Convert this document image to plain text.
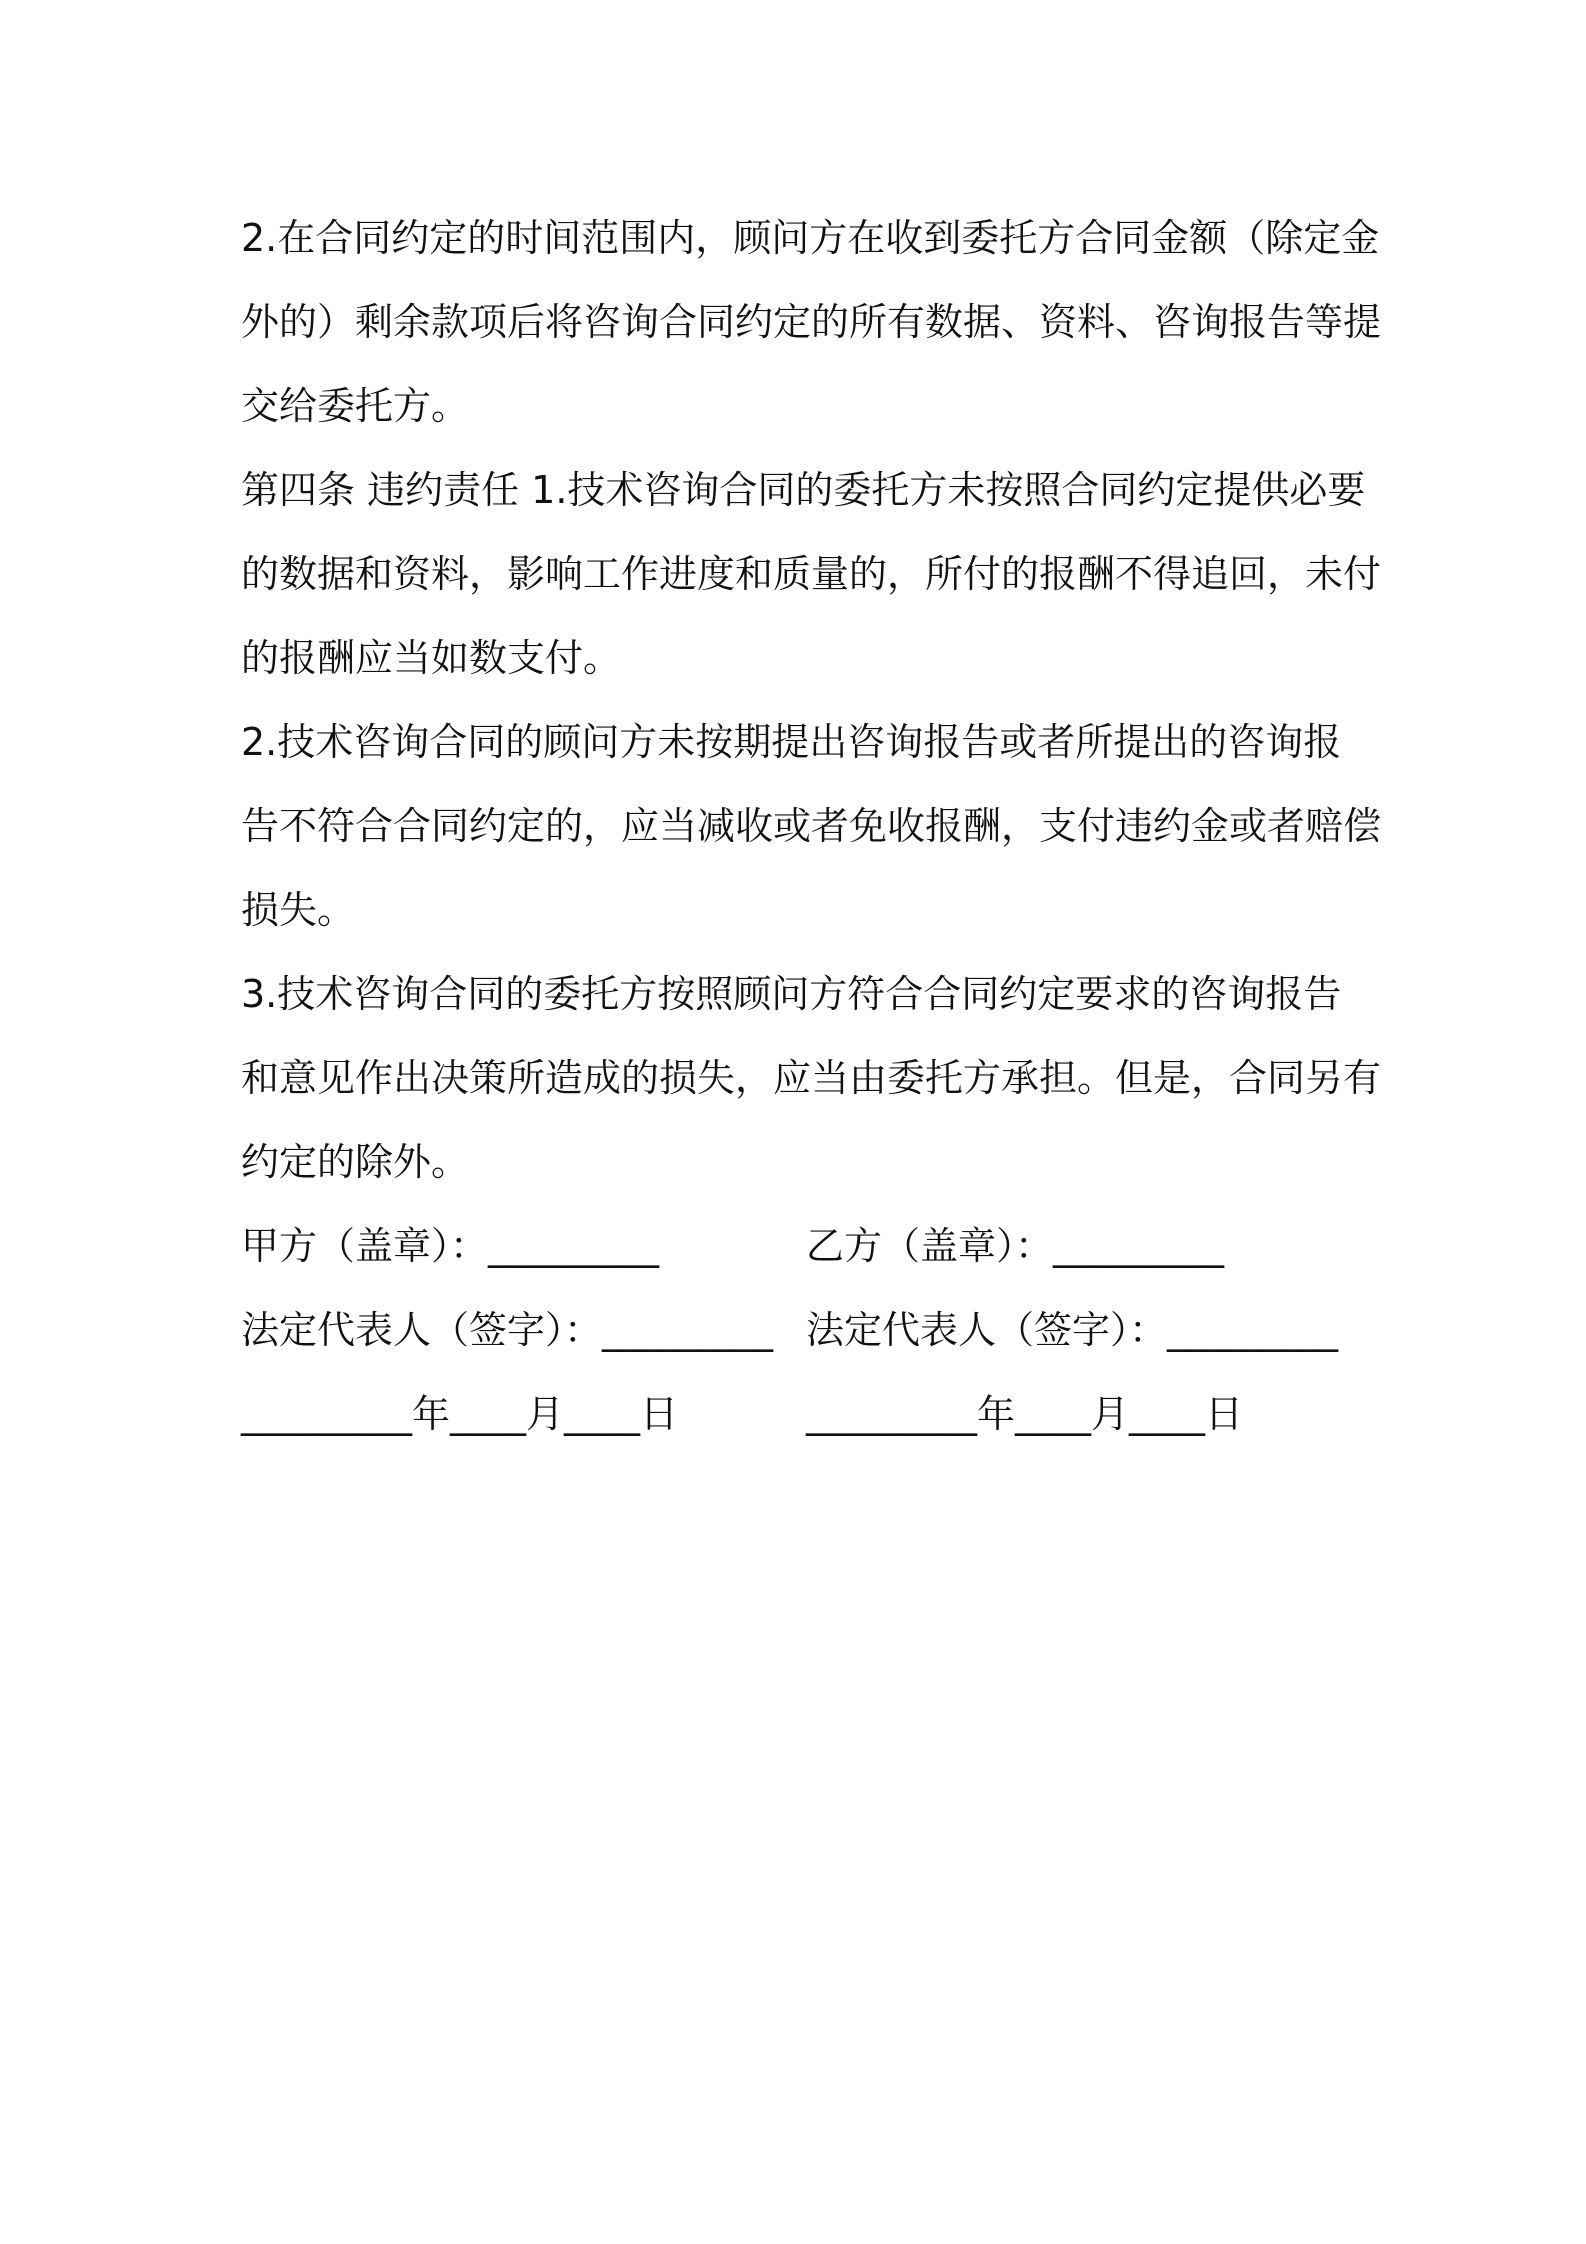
2.在合同约定的时间范围内，顾问方在收到委托方合同金额（除定金
外的）剩余款项后将咨询合同约定的所有数据、资料、咨询报告等提
交给委托方。
第四条 违约责任 1.技术咨询合同的委托方未按照合同约定提供必要
的数据和资料，影响工作进度和质量的，所付的报酬不得追回，未付
的报酬应当如数支付。
2.技术咨询合同的顾问方未按期提出咨询报告或者所提出的咨询报
告不符合合同约定的，应当减收或者免收报酬，支付违约金或者赔偿
损失。
3.技术咨询合同的委托方按照顾问方符合合同约定要求的咨询报告
和意见作出决策所造成的损失，应当由委托方承担。但是，合同另有
约定的除外。
甲方（盖章）：_________	乙方（盖章）：_________
法定代表人（签字）：_________ 法定代表人（签字）：_________
_________年____月____日	_________年____月____日
